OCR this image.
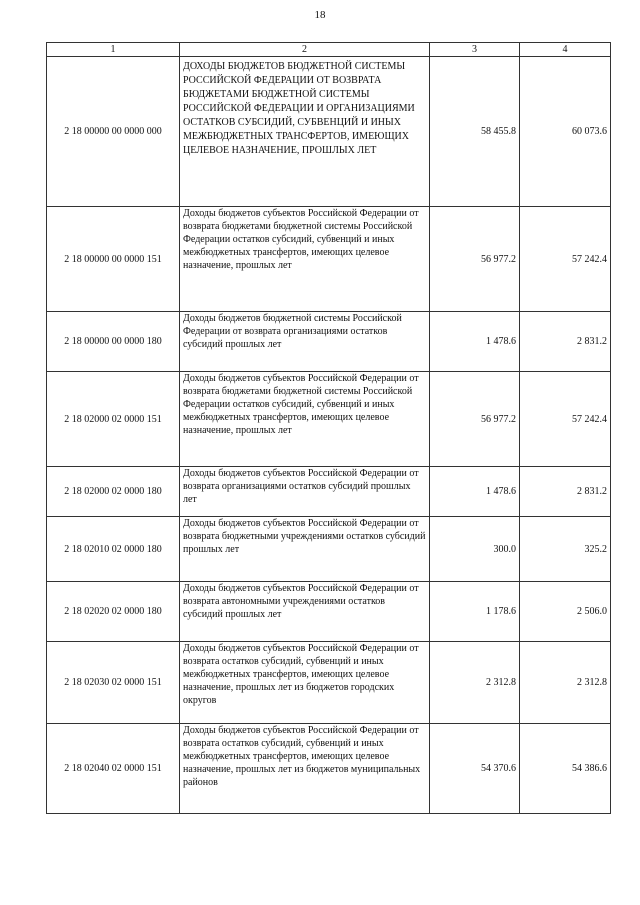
18
1	2	3	4
2 18 00000 00 0000 000	ДОХОДЫ БЮДЖЕТОВ БЮДЖЕТНОЙ СИСТЕМЫ РОССИЙСКОЙ ФЕДЕРАЦИИ ОТ ВОЗВРАТА БЮДЖЕТАМИ БЮДЖЕТНОЙ СИСТЕМЫ РОССИЙСКОЙ ФЕДЕРАЦИИ И ОРГАНИЗАЦИЯМИ ОСТАТКОВ СУБСИДИЙ, СУБВЕНЦИЙ И ИНЫХ МЕЖБЮДЖЕТНЫХ ТРАНСФЕРТОВ, ИМЕЮЩИХ ЦЕЛЕВОЕ НАЗНАЧЕНИЕ, ПРОШЛЫХ ЛЕТ	58 455.8	60 073.6
2 18 00000 00 0000 151	Доходы бюджетов субъектов Российской Федерации от возврата бюджетами бюджетной системы Российской Федерации остатков субсидий, субвенций и иных межбюджетных трансфертов, имеющих целевое назначение, прошлых лет	56 977.2	57 242.4
2 18 00000 00 0000 180	Доходы бюджетов бюджетной системы Российской Федерации от возврата организациями остатков субсидий прошлых лет	1 478.6	2 831.2
2 18 02000 02 0000 151	Доходы бюджетов субъектов Российской Федерации от возврата бюджетами бюджетной системы Российской Федерации остатков субсидий, субвенций и иных межбюджетных трансфертов, имеющих целевое назначение, прошлых лет	56 977.2	57 242.4
2 18 02000 02 0000 180	Доходы бюджетов субъектов Российской Федерации от возврата организациями остатков субсидий прошлых лет	1 478.6	2 831.2
2 18 02010 02 0000 180	Доходы бюджетов субъектов Российской Федерации от возврата бюджетными учреждениями остатков субсидий прошлых лет	300.0	325.2
2 18 02020 02 0000 180	Доходы бюджетов субъектов Российской Федерации от возврата автономными учреждениями остатков субсидий прошлых лет	1 178.6	2 506.0
2 18 02030 02 0000 151	Доходы бюджетов субъектов Российской Федерации от возврата остатков субсидий, субвенций и иных межбюджетных трансфертов, имеющих целевое назначение, прошлых лет из бюджетов городских округов	2 312.8	2 312.8
2 18 02040 02 0000 151	Доходы бюджетов субъектов Российской Федерации от возврата остатков субсидий, субвенций и иных межбюджетных трансфертов, имеющих целевое назначение, прошлых лет из бюджетов муниципальных районов	54 370.6	54 386.6
